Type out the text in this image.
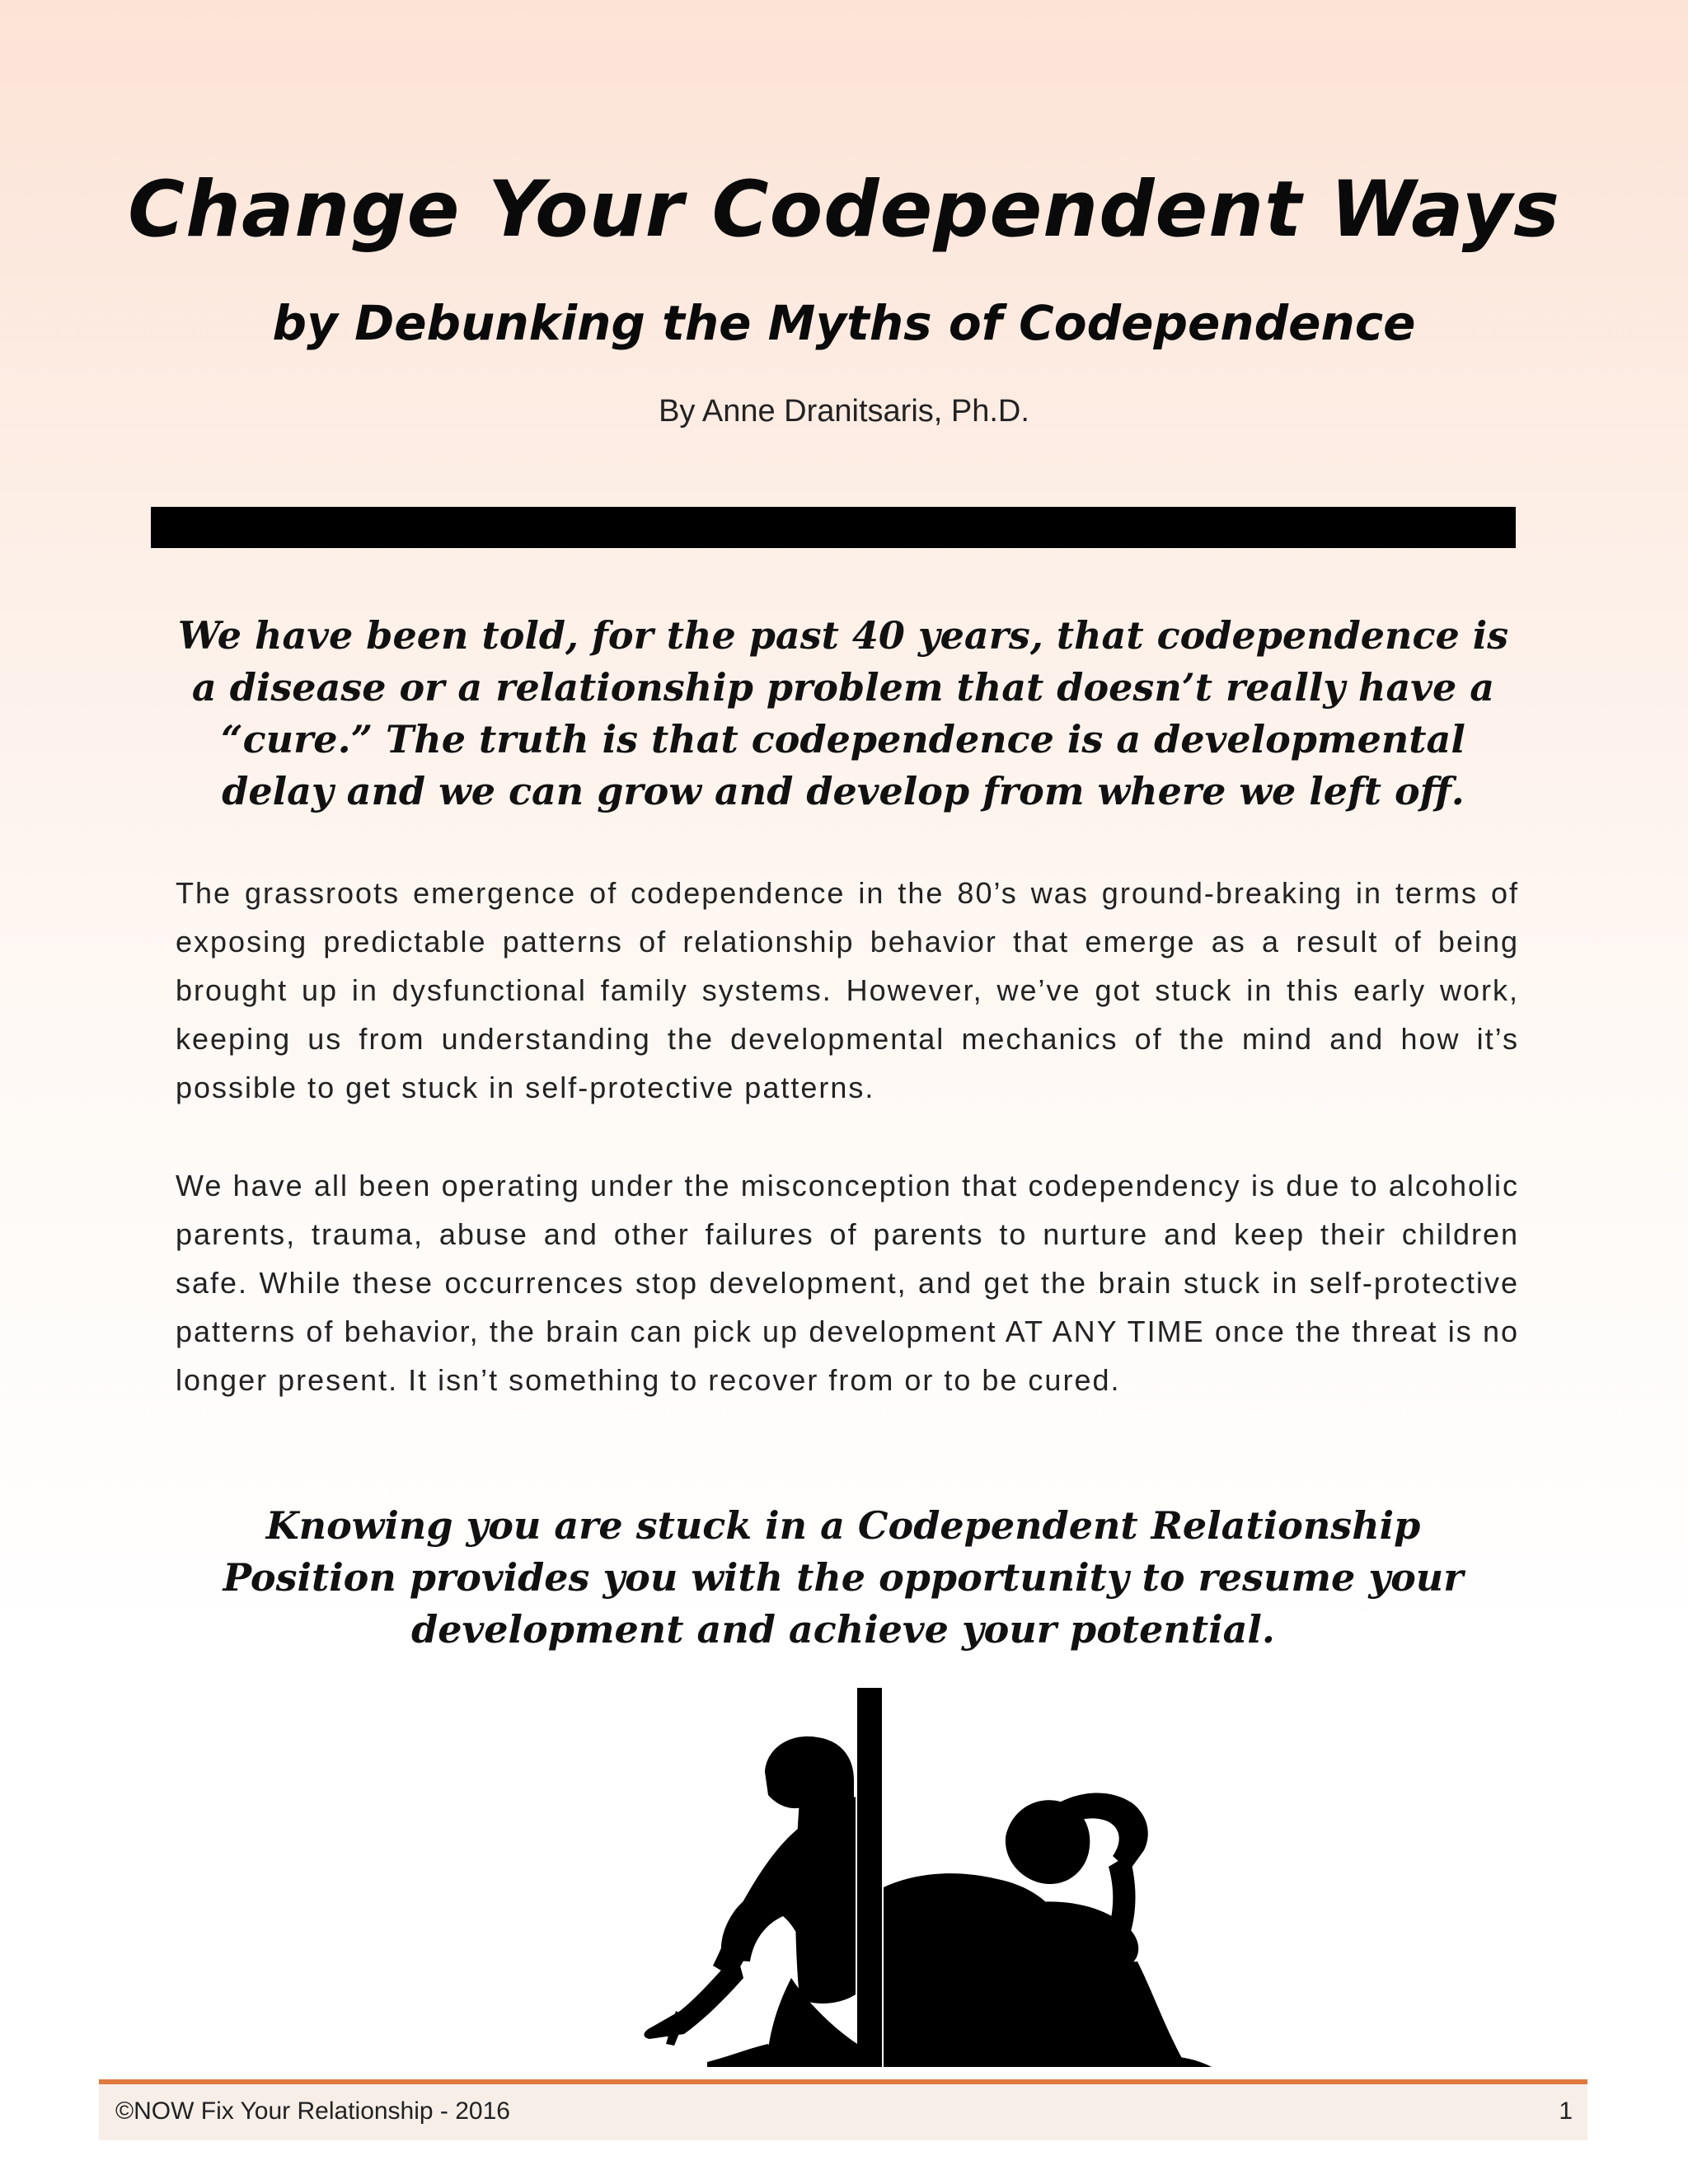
Change Your Codependent Ways
by Debunking the Myths of Codependence
By Anne Dranitsaris, Ph.D.

We have been told, for the past 40 years, that codependence is a disease or a relationship problem that doesn’t really have a “cure.” The truth is that codependence is a developmental delay and we can grow and develop from where we left off.

The grassroots emergence of codependence in the 80’s was ground-breaking in terms of exposing predictable patterns of relationship behavior that emerge as a result of being brought up in dysfunctional family systems. However, we’ve got stuck in this early work, keeping us from understanding the developmental mechanics of the mind and how it’s possible to get stuck in self-protective patterns.

We have all been operating under the misconception that codependency is due to alcoholic parents, trauma, abuse and other failures of parents to nurture and keep their children safe. While these occurrences stop development, and get the brain stuck in self-protective patterns of behavior, the brain can pick up development AT ANY TIME once the threat is no longer present. It isn’t something to recover from or to be cured.

Knowing you are stuck in a Codependent Relationship Position provides you with the opportunity to resume your development and achieve your potential.

©NOW Fix Your Relationship - 2016	1
